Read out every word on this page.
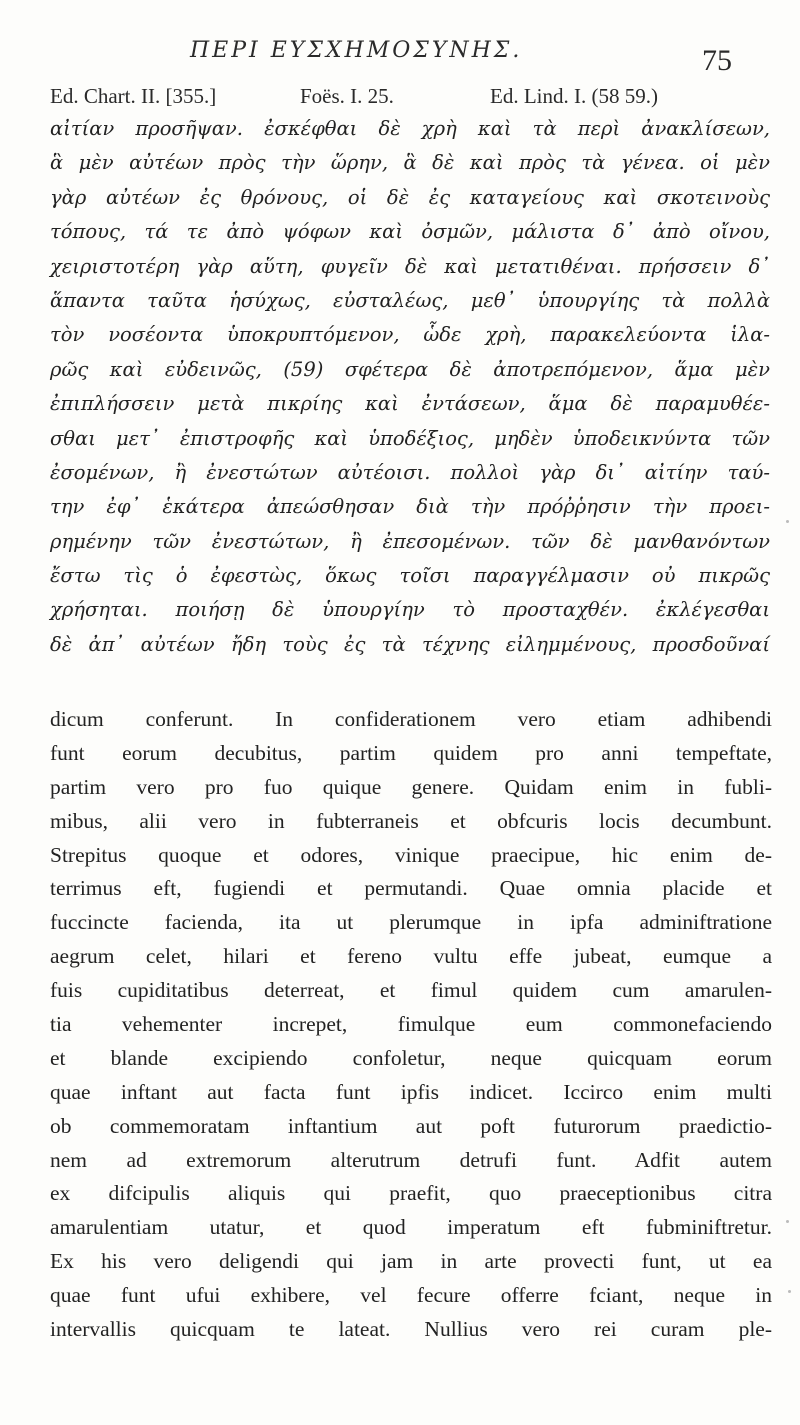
ΠΕΡΙ ΕΥΣΧΗΜΟΣΥΝΗΣ.	75
Ed. Chart. II. [355.]	Foës. I. 25.	Ed. Lind. I. (58 59.)
αἰτίαν προσῆψαν. ἐσκέφθαι δὲ χρὴ καὶ τὰ περὶ ἀνακλίσεων,
ἃ μὲν αὐτέων πρὸς τὴν ὥρην, ἃ δὲ καὶ πρὸς τὰ γένεα. οἱ μὲν
γὰρ αὐτέων ἐς θρόνους, οἱ δὲ ἐς καταγείους καὶ σκοτεινοὺς
τόπους, τά τε ἀπὸ ψόφων καὶ ὀσμῶν, μάλιστα δ᾽ ἀπὸ οἴνου,
χειριστοτέρη γὰρ αὕτη, φυγεῖν δὲ καὶ μετατιθέναι. πρήσσειν δ᾽
ἅπαντα ταῦτα ἡσύχως, εὐσταλέως, μεθ᾽ ὑπουργίης τὰ πολλὰ
τὸν νοσέοντα ὑποκρυπτόμενον, ὧδε χρὴ, παρακελεύοντα ἱλα-
ρῶς καὶ εὐδεινῶς, (59) σφέτερα δὲ ἀποτρεπόμενον, ἅμα μὲν
ἐπιπλήσσειν μετὰ πικρίης καὶ ἐντάσεων, ἅμα δὲ παραμυθέε-
σθαι μετ᾽ ἐπιστροφῆς καὶ ὑποδέξιος, μηδὲν ὑποδεικνύντα τῶν
ἐσομένων, ἢ ἐνεστώτων αὐτέοισι. πολλοὶ γὰρ δι᾽ αἰτίην ταύ-
την ἐφ᾽ ἑκάτερα ἀπεώσθησαν διὰ τὴν πρόῤῥησιν τὴν προει-
ρημένην τῶν ἐνεστώτων, ἢ ἐπεσομένων. τῶν δὲ μανθανόντων
ἔστω τὶς ὁ ἐφεστὼς, ὅκως τοῖσι παραγγέλμασιν οὐ πικρῶς
χρήσηται. ποιήσῃ δὲ ὑπουργίην τὸ προσταχθέν. ἐκλέγεσθαι
δὲ ἀπ᾽ αὐτέων ἤδη τοὺς ἐς τὰ τέχνης εἰλημμένους, προσδοῦναί
dicum conferunt. In confiderationem vero etiam adhibendi
funt eorum decubitus, partim quidem pro anni tempeftate,
partim vero pro fuo quique genere. Quidam enim in fubli-
mibus, alii vero in fubterraneis et obfcuris locis decumbunt.
Strepitus quoque et odores, vinique praecipue, hic enim de-
terrimus eft, fugiendi et permutandi. Quae omnia placide et
fuccincte facienda, ita ut plerumque in ipfa adminiftratione
aegrum celet, hilari et fereno vultu effe jubeat, eumque a
fuis cupiditatibus deterreat, et fimul quidem cum amarulen-
tia vehementer increpet, fimulque eum commonefaciendo
et blande excipiendo confoletur, neque quicquam eorum
quae inftant aut facta funt ipfis indicet. Iccirco enim multi
ob commemoratam inftantium aut poft futurorum praedictio-
nem ad extremorum alterutrum detrufi funt. Adfit autem
ex difcipulis aliquis qui praefit, quo praeceptionibus citra
amarulentiam utatur, et quod imperatum eft fubminiftretur.
Ex his vero deligendi qui jam in arte provecti funt, ut ea
quae funt ufui exhibere, vel fecure offerre fciant, neque in
intervallis quicquam te lateat. Nullius vero rei curam ple-
